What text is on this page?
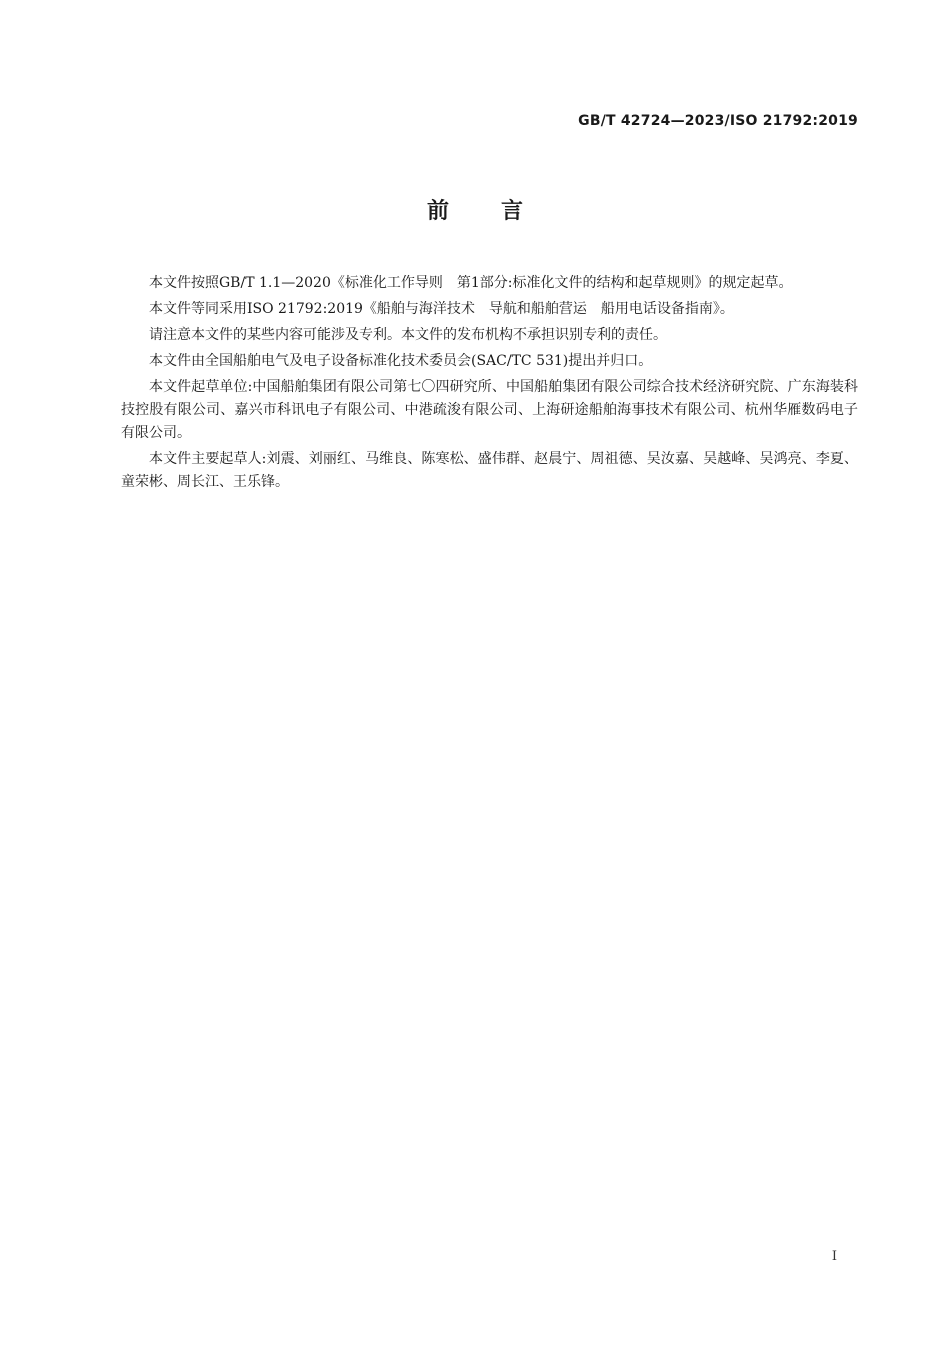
GB/T 42724—2023/ISO 21792:2019
前言

本文件按照GB/T 1.1—2020《标准化工作导则　第1部分:标准化文件的结构和起草规则》的规定起草。

本文件等同采用ISO 21792:2019《船舶与海洋技术　导航和船舶营运　船用电话设备指南》。

请注意本文件的某些内容可能涉及专利。本文件的发布机构不承担识别专利的责任。

本文件由全国船舶电气及电子设备标准化技术委员会(SAC/TC 531)提出并归口。

本文件起草单位:中国船舶集团有限公司第七〇四研究所、中国船舶集团有限公司综合技术经济研究院、广东海装科技控股有限公司、嘉兴市科讯电子有限公司、中港疏浚有限公司、上海研途船舶海事技术有限公司、杭州华雁数码电子有限公司。

本文件主要起草人:刘震、刘丽红、马维良、陈寒松、盛伟群、赵晨宁、周祖德、吴汝嘉、吴越峰、吴鸿亮、李夏、童荣彬、周长江、王乐锋。

I
